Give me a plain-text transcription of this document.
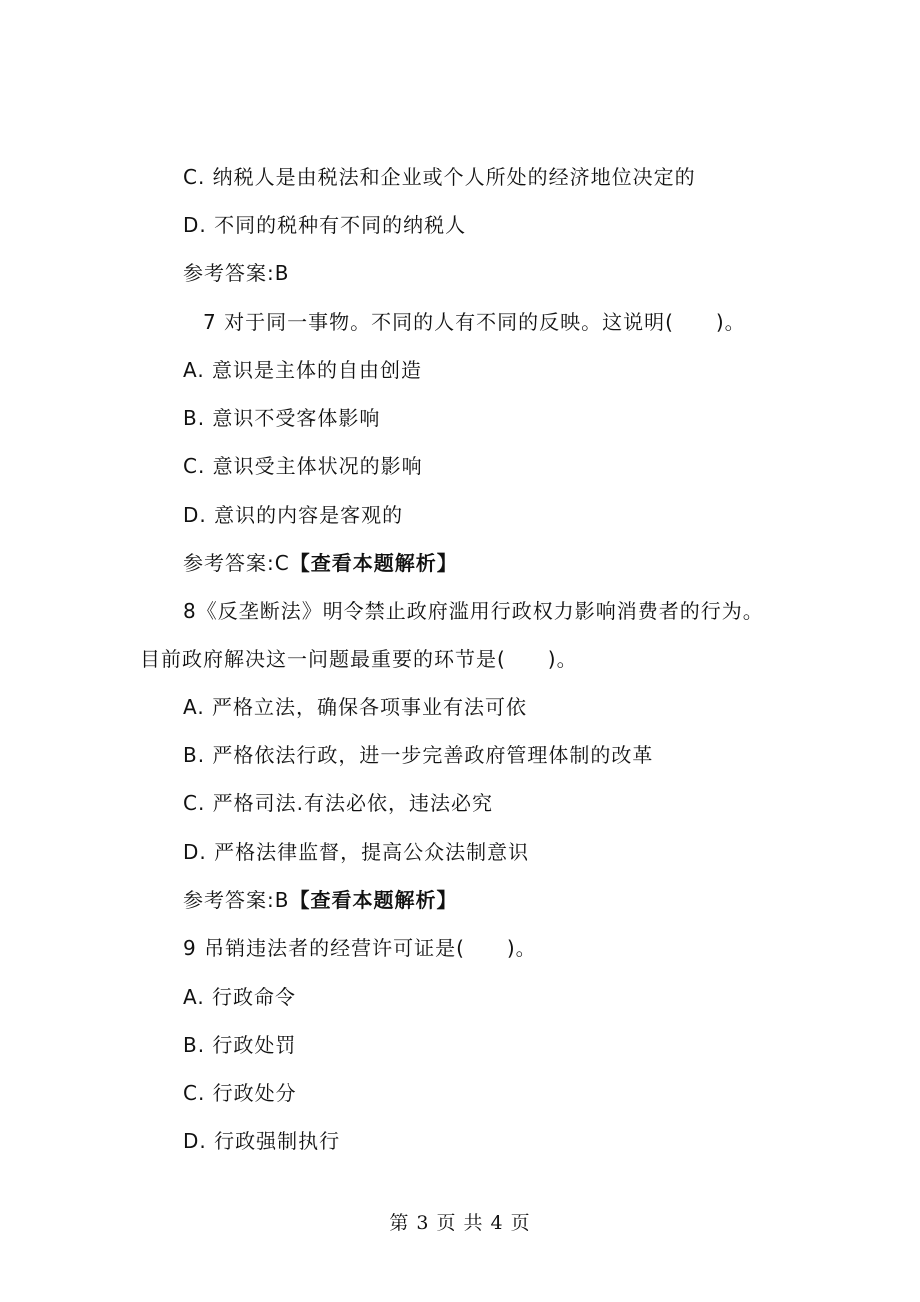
C. 纳税人是由税法和企业或个人所处的经济地位决定的
D. 不同的税种有不同的纳税人
参考答案:B
7 对于同一事物。不同的人有不同的反映。这说明(　　)。
A. 意识是主体的自由创造
B. 意识不受客体影响
C. 意识受主体状况的影响
D. 意识的内容是客观的
参考答案:C【查看本题解析】
8《反垄断法》明令禁止政府滥用行政权力影响消费者的行为。
目前政府解决这一问题最重要的环节是(　　)。
A. 严格立法，确保各项事业有法可依
B. 严格依法行政，进一步完善政府管理体制的改革
C. 严格司法.有法必依，违法必究
D. 严格法律监督，提高公众法制意识
参考答案:B【查看本题解析】
9 吊销违法者的经营许可证是(　　)。
A. 行政命令
B. 行政处罚
C. 行政处分
D. 行政强制执行
第 3 页 共 4 页
